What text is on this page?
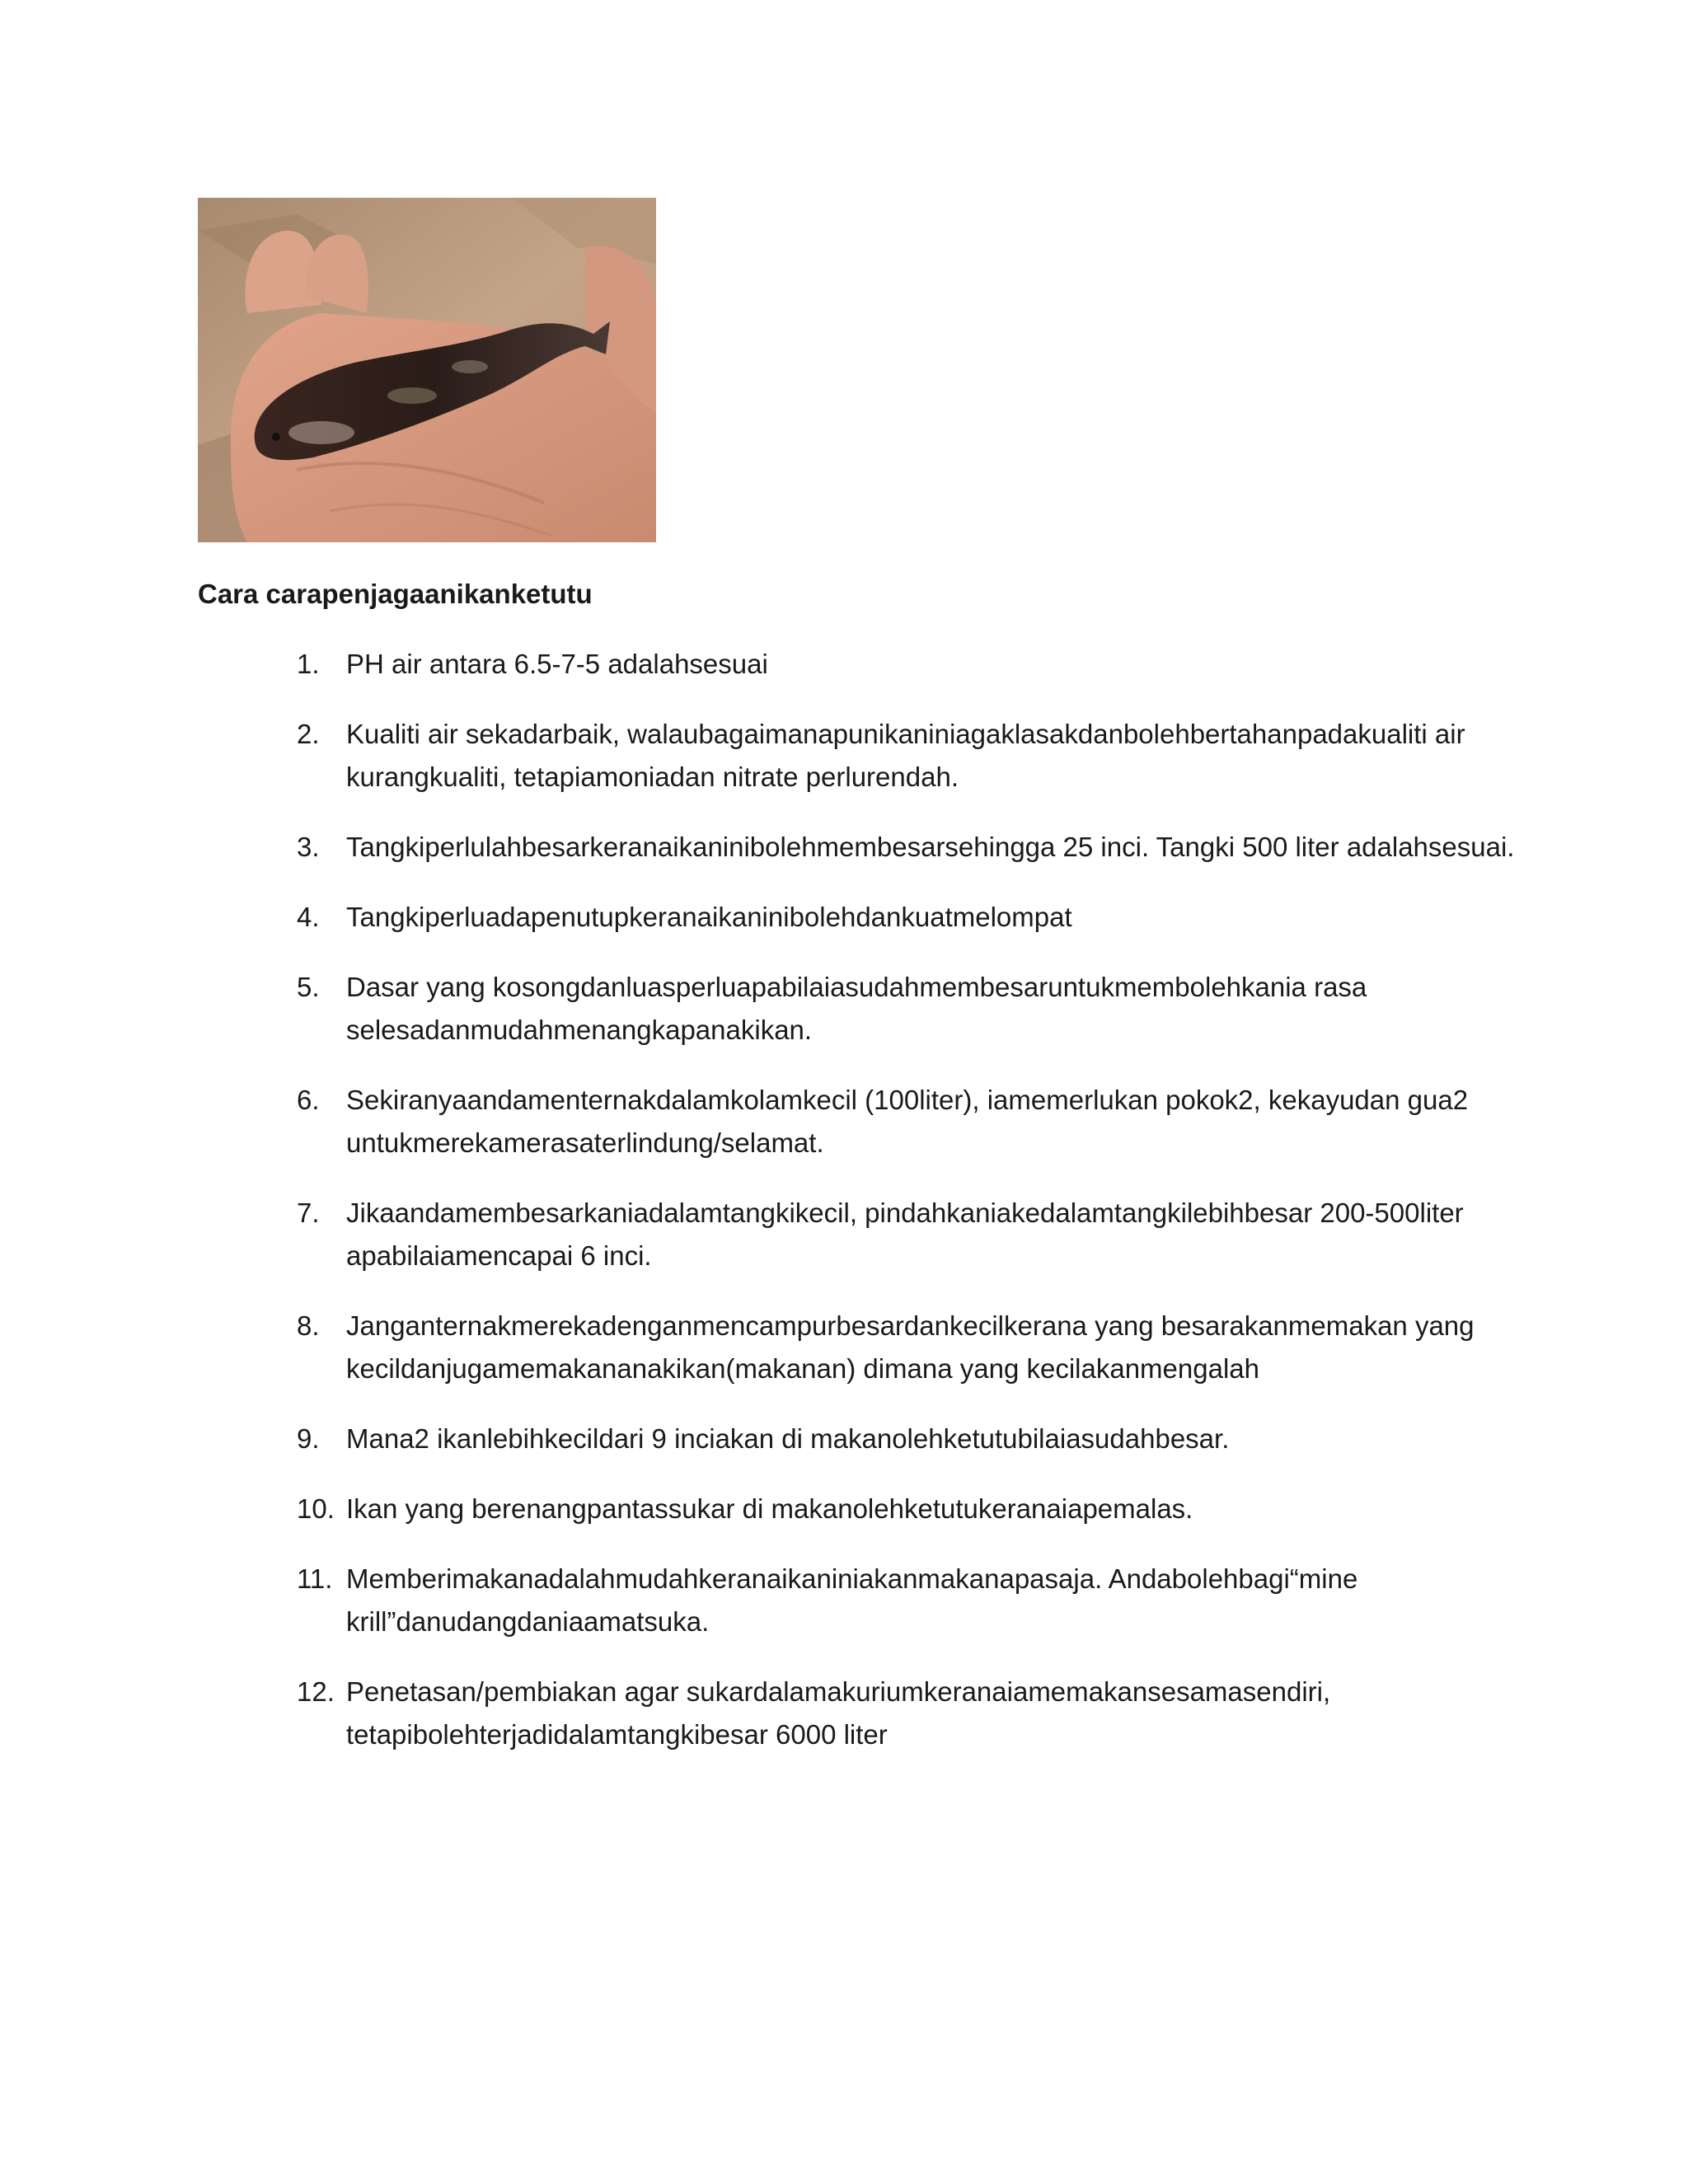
Cara carapenjagaanikanketutu
1. PH air antara 6.5-7-5 adalahsesuai
2. Kualiti air sekadarbaik, walaubagaimanapunikaniniagaklasakdanbolehbertahanpadakualiti air kurangkualiti, tetapiamoniadan nitrate perlurendah.
3. Tangkiperlulahbesarkeranaikaninibolehmembesarsehingga 25 inci. Tangki 500 liter adalahsesuai.
4. Tangkiperluadapenutupkeranaikaninibolehdankuatmelompat
5. Dasar yang kosongdanluasperluapabilaiasudahmembesaruntukmembolehkania rasa selesadanmudahmenangkapanakikan.
6. Sekiranyaandamenternakdalamkolamkecil (100liter), iamemerlukan pokok2, kekayudan gua2 untukmerekamerasaterlindung/selamat.
7. Jikaandamembesarkaniadalamtangkikecil, pindahkaniakedalamtangkilebihbesar 200-500liter apabilaiamencapai 6 inci.
8. Janganternakmerekadenganmencampurbesardankecilkerana yang besarakanmemakan yang kecildanjugamemakananakikan(makanan) dimana yang kecilakanmengalah
9. Mana2 ikanlebihkecildari 9 inciakan di makanolehketutubilaiasudahbesar.
10. Ikan yang berenangpantassukar di makanolehketutukeranaiapemalas.
11. Memberimakanadalahmudahkeranaikaniniakanmakanapasaja. Andabolehbagi“mine krill”danudangdaniaamatsuka.
12. Penetasan/pembiakan agar sukardalamakuriumkeranaiamemakansesamasendiri, tetapibolehterjadidalamtangkibesar 6000 liter
